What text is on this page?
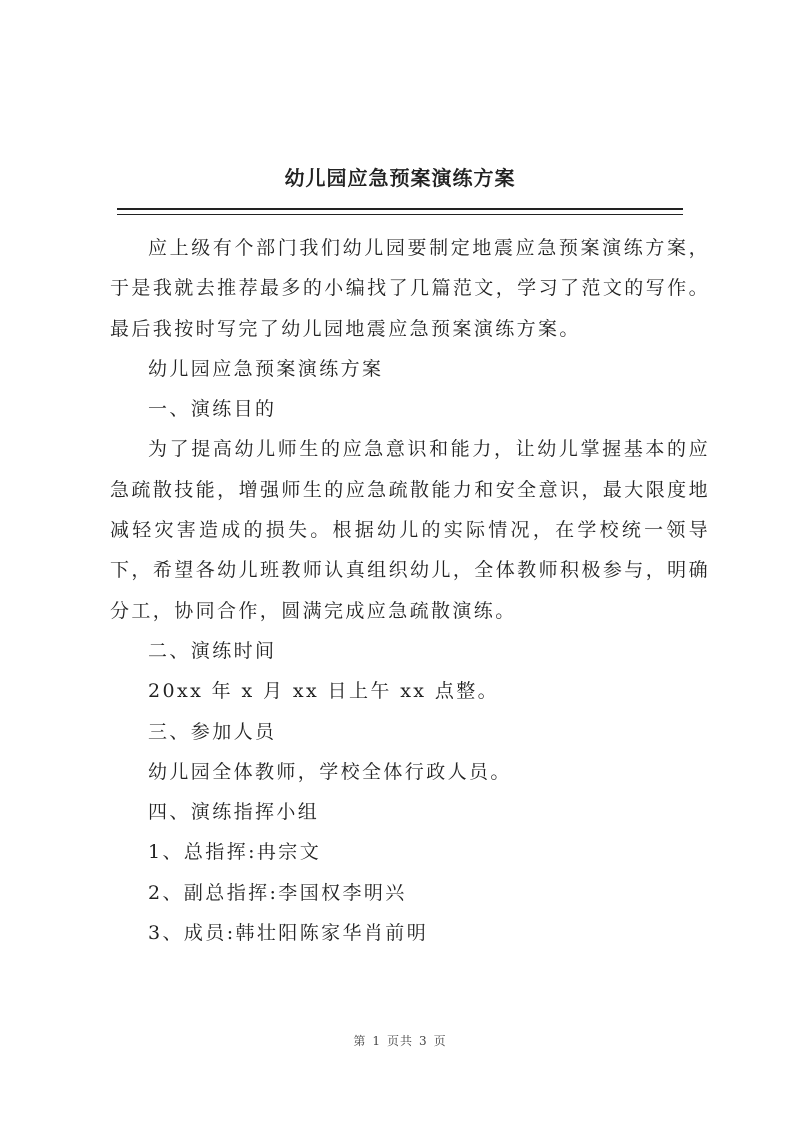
幼儿园应急预案演练方案

应上级有个部门我们幼儿园要制定地震应急预案演练方案，于是我就去推荐最多的小编找了几篇范文，学习了范文的写作。最后我按时写完了幼儿园地震应急预案演练方案。

幼儿园应急预案演练方案

一、演练目的

为了提高幼儿师生的应急意识和能力，让幼儿掌握基本的应急疏散技能，增强师生的应急疏散能力和安全意识，最大限度地减轻灾害造成的损失。根据幼儿的实际情况，在学校统一领导下，希望各幼儿班教师认真组织幼儿，全体教师积极参与，明确分工，协同合作，圆满完成应急疏散演练。

二、演练时间

20xx 年 x 月 xx 日上午 xx 点整。

三、参加人员

幼儿园全体教师，学校全体行政人员。

四、演练指挥小组

1、总指挥:冉宗文

2、副总指挥:李国权李明兴

3、成员:韩壮阳陈家华肖前明

第 1 页共 3 页
